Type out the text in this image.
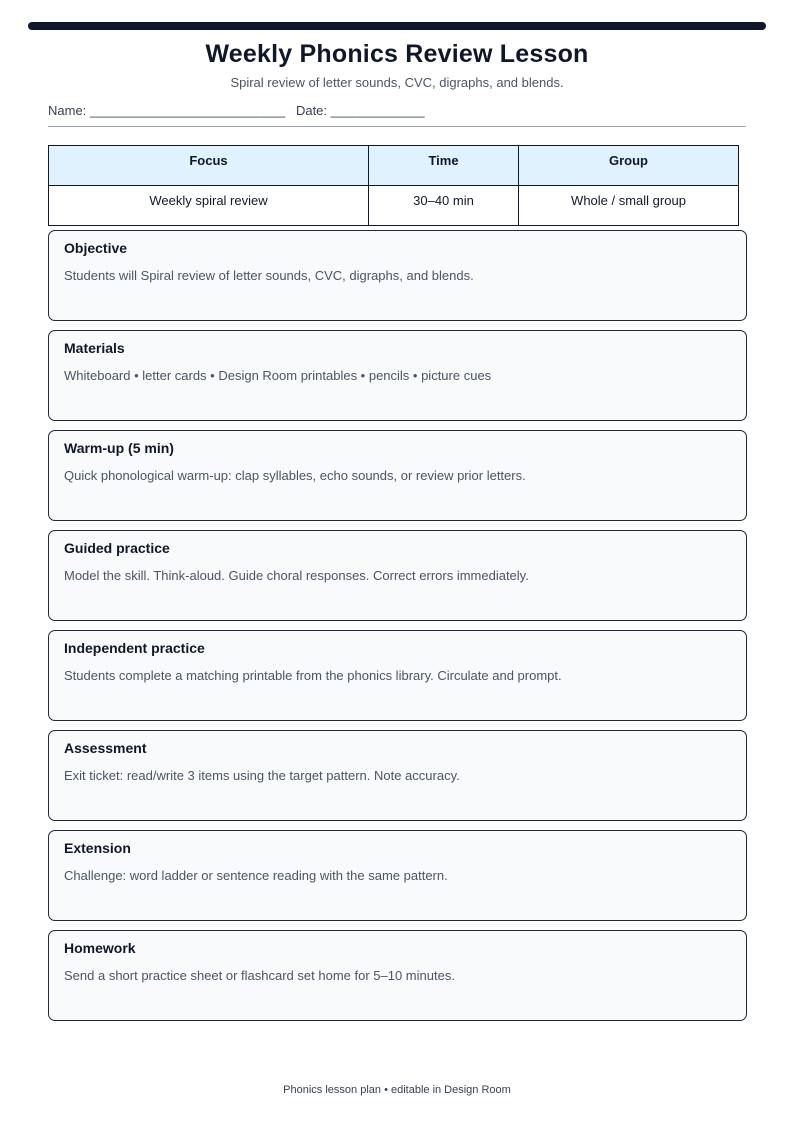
Weekly Phonics Review Lesson
Spiral review of letter sounds, CVC, digraphs, and blends.
Name: ___________________________   Date: _____________
Focus	Time	Group
Weekly spiral review	30–40 min	Whole / small group
Objective
Students will Spiral review of letter sounds, CVC, digraphs, and blends.
Materials
Whiteboard • letter cards • Design Room printables • pencils • picture cues
Warm-up (5 min)
Quick phonological warm-up: clap syllables, echo sounds, or review prior letters.
Guided practice
Model the skill. Think-aloud. Guide choral responses. Correct errors immediately.
Independent practice
Students complete a matching printable from the phonics library. Circulate and prompt.
Assessment
Exit ticket: read/write 3 items using the target pattern. Note accuracy.
Extension
Challenge: word ladder or sentence reading with the same pattern.
Homework
Send a short practice sheet or flashcard set home for 5–10 minutes.
Phonics lesson plan • editable in Design Room
